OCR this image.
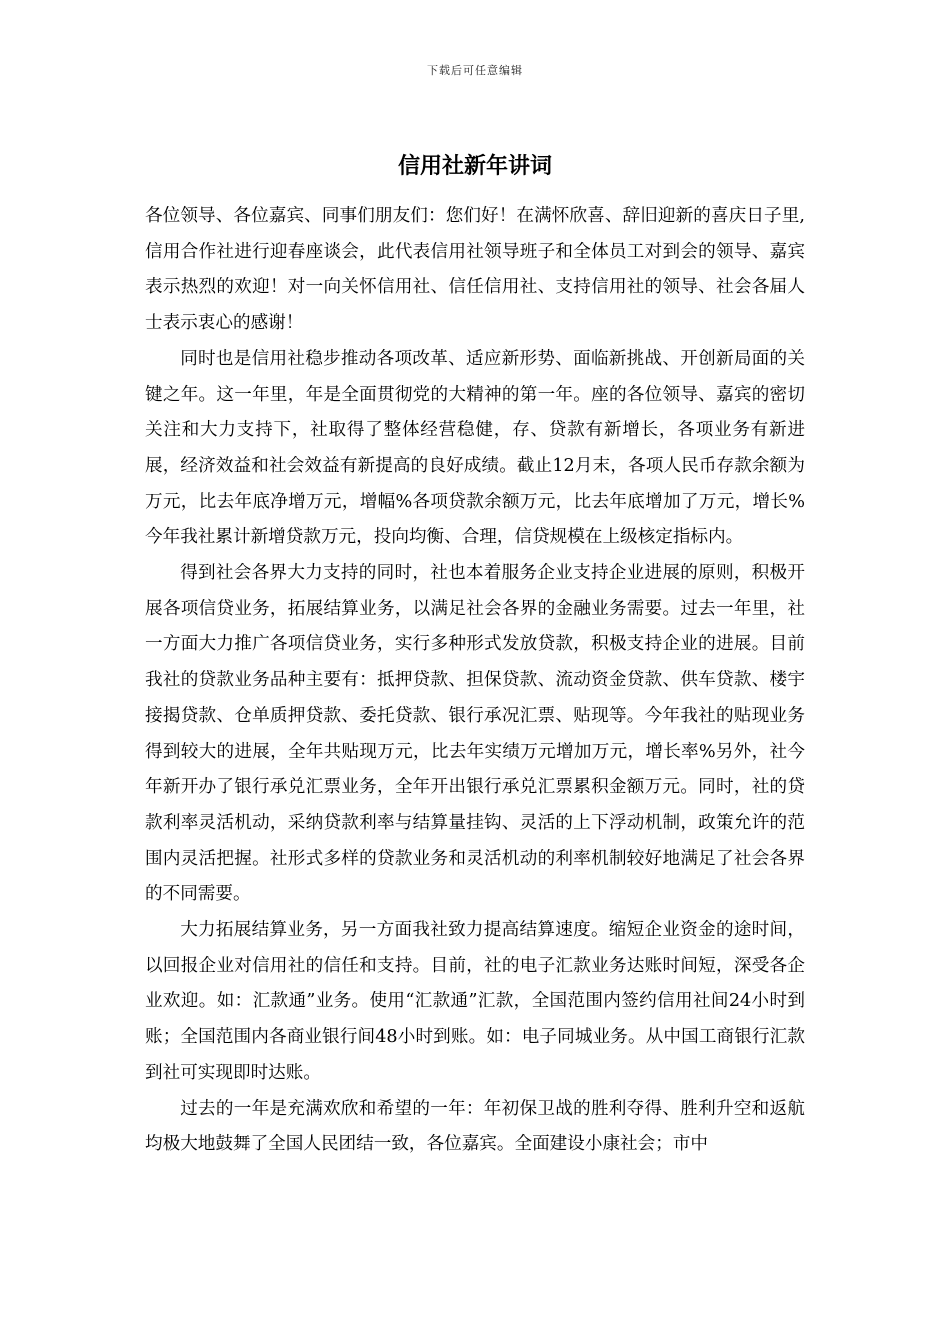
下载后可任意编辑
信用社新年讲词

各位领导、各位嘉宾、同事们朋友们：您们好！在满怀欣喜、辞旧迎新的喜庆日子里,信用合作社进行迎春座谈会，此代表信用社领导班子和全体员工对到会的领导、嘉宾表示热烈的欢迎！对一向关怀信用社、信任信用社、支持信用社的领导、社会各届人士表示衷心的感谢！

同时也是信用社稳步推动各项改革、适应新形势、面临新挑战、开创新局面的关键之年。这一年里，年是全面贯彻党的大精神的第一年。座的各位领导、嘉宾的密切关注和大力支持下，社取得了整体经营稳健，存、贷款有新增长，各项业务有新进展，经济效益和社会效益有新提高的良好成绩。截止12月末，各项人民币存款余额为万元，比去年底净增万元，增幅%各项贷款余额万元，比去年底增加了万元，增长%今年我社累计新增贷款万元，投向均衡、合理，信贷规模在上级核定指标内。

得到社会各界大力支持的同时，社也本着服务企业支持企业进展的原则，积极开展各项信贷业务，拓展结算业务，以满足社会各界的金融业务需要。过去一年里，社一方面大力推广各项信贷业务，实行多种形式发放贷款，积极支持企业的进展。目前我社的贷款业务品种主要有：抵押贷款、担保贷款、流动资金贷款、供车贷款、楼宇接揭贷款、仓单质押贷款、委托贷款、银行承况汇票、贴现等。今年我社的贴现业务得到较大的进展，全年共贴现万元，比去年实绩万元增加万元，增长率%另外，社今年新开办了银行承兑汇票业务，全年开出银行承兑汇票累积金额万元。同时，社的贷款利率灵活机动，采纳贷款利率与结算量挂钩、灵活的上下浮动机制，政策允许的范围内灵活把握。社形式多样的贷款业务和灵活机动的利率机制较好地满足了社会各界的不同需要。

大力拓展结算业务，另一方面我社致力提高结算速度。缩短企业资金的途时间，以回报企业对信用社的信任和支持。目前，社的电子汇款业务达账时间短，深受各企业欢迎。如：汇款通”业务。使用“汇款通”汇款，全国范围内签约信用社间24小时到账；全国范围内各商业银行间48小时到账。如：电子同城业务。从中国工商银行汇款到社可实现即时达账。

过去的一年是充满欢欣和希望的一年：年初保卫战的胜利夺得、胜利升空和返航均极大地鼓舞了全国人民团结一致，各位嘉宾。全面建设小康社会；市中
